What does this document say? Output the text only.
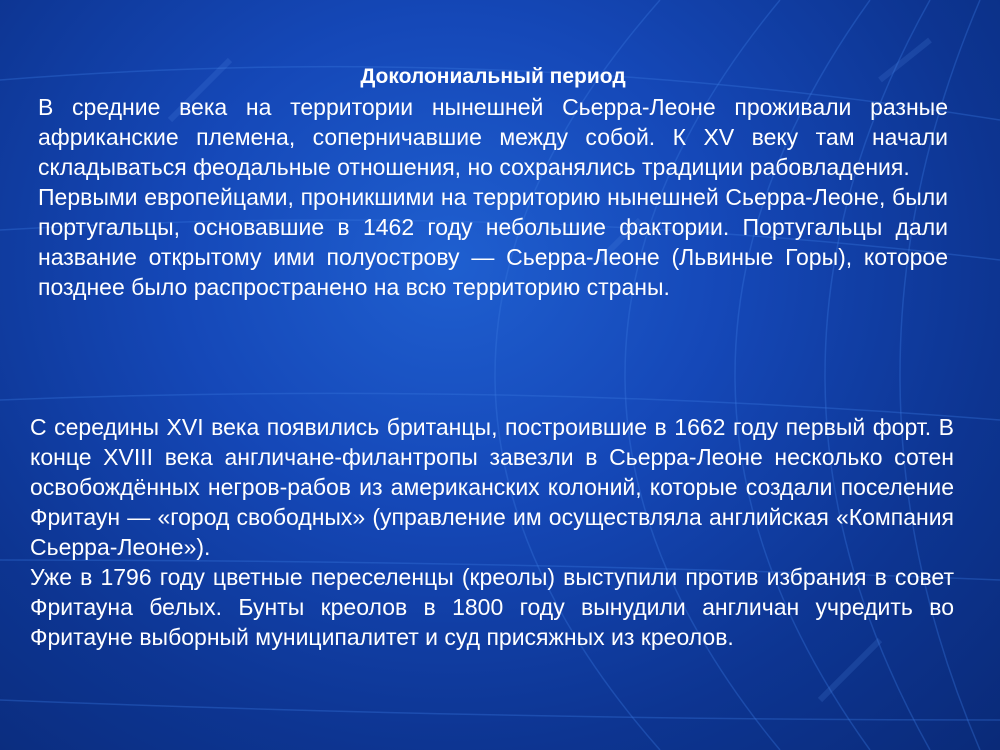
Доколониальный период

В средние века на территории нынешней Сьерра-Леоне проживали разные африканские племена, соперничавшие между собой. К XV веку там начали складываться феодальные отношения, но сохранялись традиции рабовладения.

Первыми европейцами, проникшими на территорию нынешней Сьерра-Леоне, были португальцы, основавшие в 1462 году небольшие фактории. Португальцы дали название открытому ими полуострову — Сьерра-Леоне (Львиные Горы), которое позднее было распространено на всю территорию страны.

С середины XVI века появились британцы, построившие в 1662 году первый форт. В конце XVIII века англичане-филантропы завезли в Сьерра-Леоне несколько сотен освобождённых негров-рабов из американских колоний, которые создали поселение Фритаун — «город свободных» (управление им осуществляла английская «Компания Сьерра-Леоне»).

Уже в 1796 году цветные переселенцы (креолы) выступили против избрания в совет Фритауна белых. Бунты креолов в 1800 году вынудили англичан учредить во Фритауне выборный муниципалитет и суд присяжных из креолов.
